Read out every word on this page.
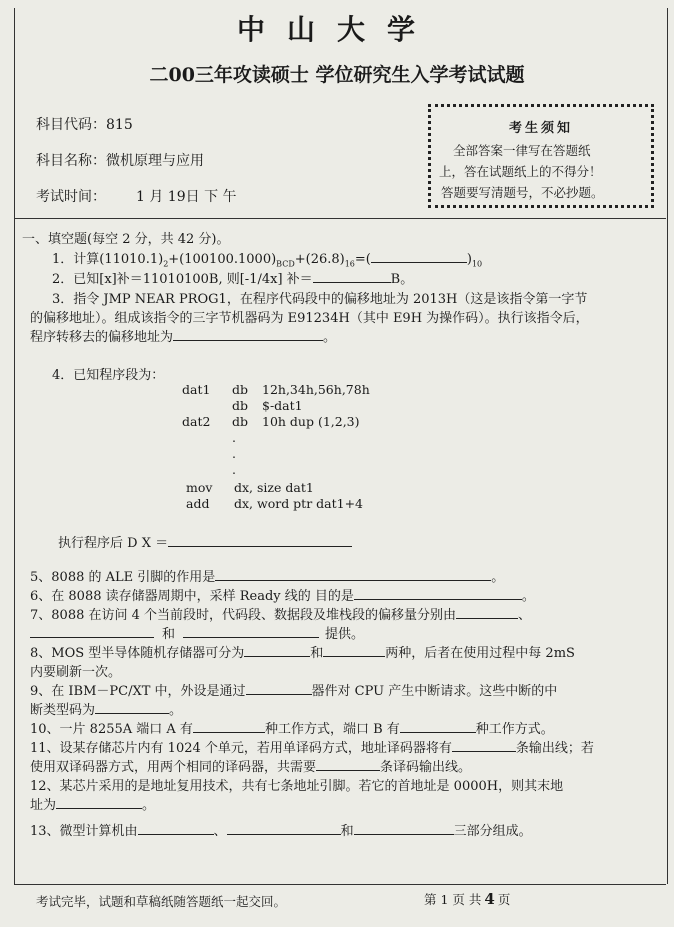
中山大学
二00三年攻读硕士 学位研究生入学考试试题
科目代码：815
科目名称：微机原理与应用
考试时间： 1 月 19日 下 午
考生须知
全部答案一律写在答题纸
上，答在试题纸上的不得分！
答题要写清题号，不必抄题。
一、填空题(每空 2 分，共 42 分)。
1．计算$(11010.1)_2+(100100.1000)_{BCD}+(26.8)_{16}=$(	)$_{10}$
2．已知[x]补＝11010100B, 则[-1/4x] 补＝	B。
3．指令 JMP NEAR PROG1，在程序代码段中的偏移地址为 2013H（这是该指令第一字节
的偏移地址）。组成该指令的三字节机器码为 E91234H（其中 E9H 为操作码）。执行该指令后，
程序转移去的偏移地址为	。
4．已知程序段为：
dat1 db 12h,34h,56h,78h
db $-dat1
dat2 db 10h dup (1,2,3)
.
.
.
mov dx, size dat1
add dx, word ptr dat1+4
执行程序后 D X ＝
5、8088 的 ALE 引脚的作用是	。
6、在 8088 读存储器周期中，采样 Ready 线的 目的是	。
7、8088 在访问 4 个当前段时，代码段、数据段及堆栈段的偏移量分别由	、
和	提供。
8、MOS 型半导体随机存储器可分为	和	两种，后者在使用过程中每 2mS
内要刷新一次。
9、在 IBM－PC/XT 中，外设是通过	器件对 CPU 产生中断请求。这些中断的中
断类型码为	。
10、一片 8255A 端口 A 有	种工作方式，端口 B 有	种工作方式。
11、设某存储芯片内有 1024 个单元，若用单译码方式，地址译码器将有	条输出线；若
使用双译码器方式，用两个相同的译码器，共需要	条译码输出线。
12、某芯片采用的是地址复用技术，共有七条地址引脚。若它的首地址是 0000H，则其末地
址为	。
13、微型计算机由	、	和	三部分组成。
考试完毕，试题和草稿纸随答题纸一起交回。	第 1 页 共 4 页
